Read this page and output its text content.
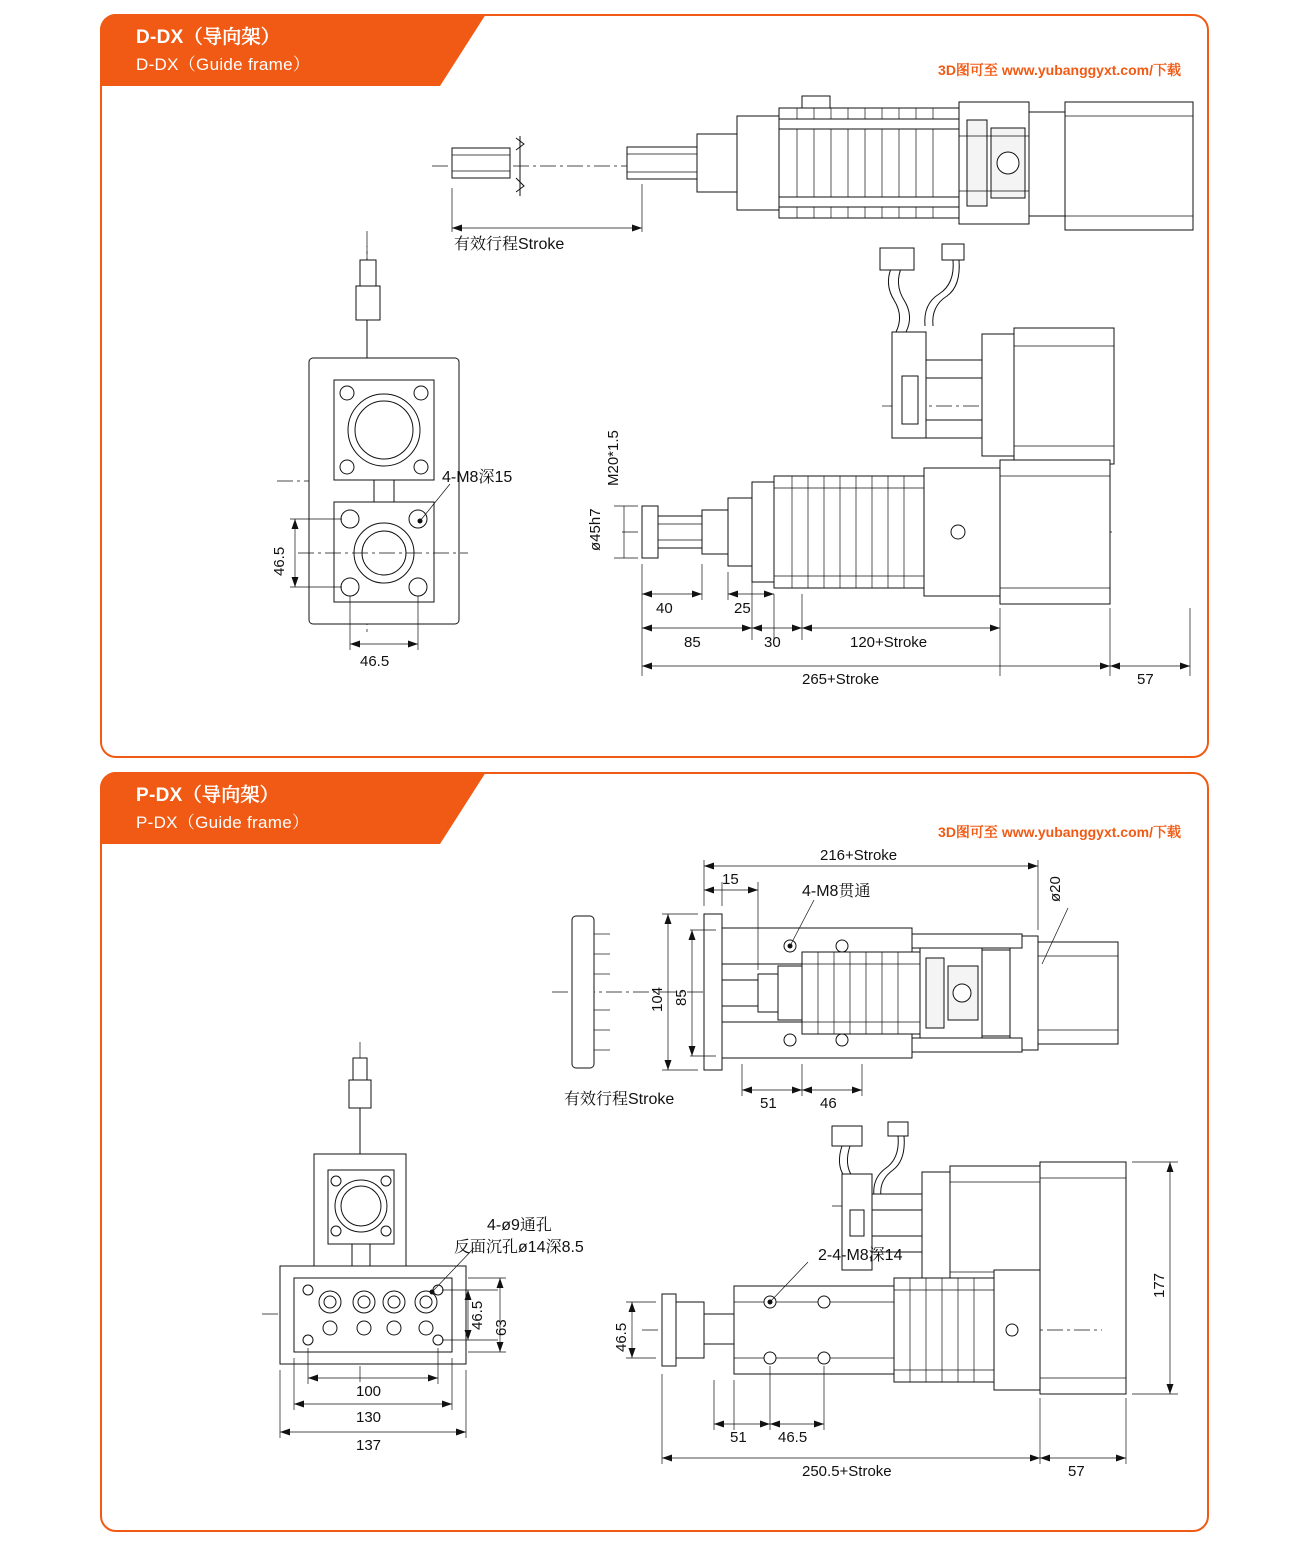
D-DX（导向架）
D-DX（Guide frame）	3D图可至 www.yubanggyxt.com/下载
有效行程Stroke
4-M8深15
46.5
46.5
M20*1.5
ø45h7
40	25
85	30	120+Stroke
265+Stroke	57
P-DX（导向架）
P-DX（Guide frame）	3D图可至 www.yubanggyxt.com/下载
216+Stroke
15
4-M8贯通	ø20
104 85
有效行程Stroke	51	46
4-ø9通孔
反面沉孔ø14深8.5
46.5 63
100
130
137
2-4-M8深14
46.5
51 46.5
250.5+Stroke	57
177
